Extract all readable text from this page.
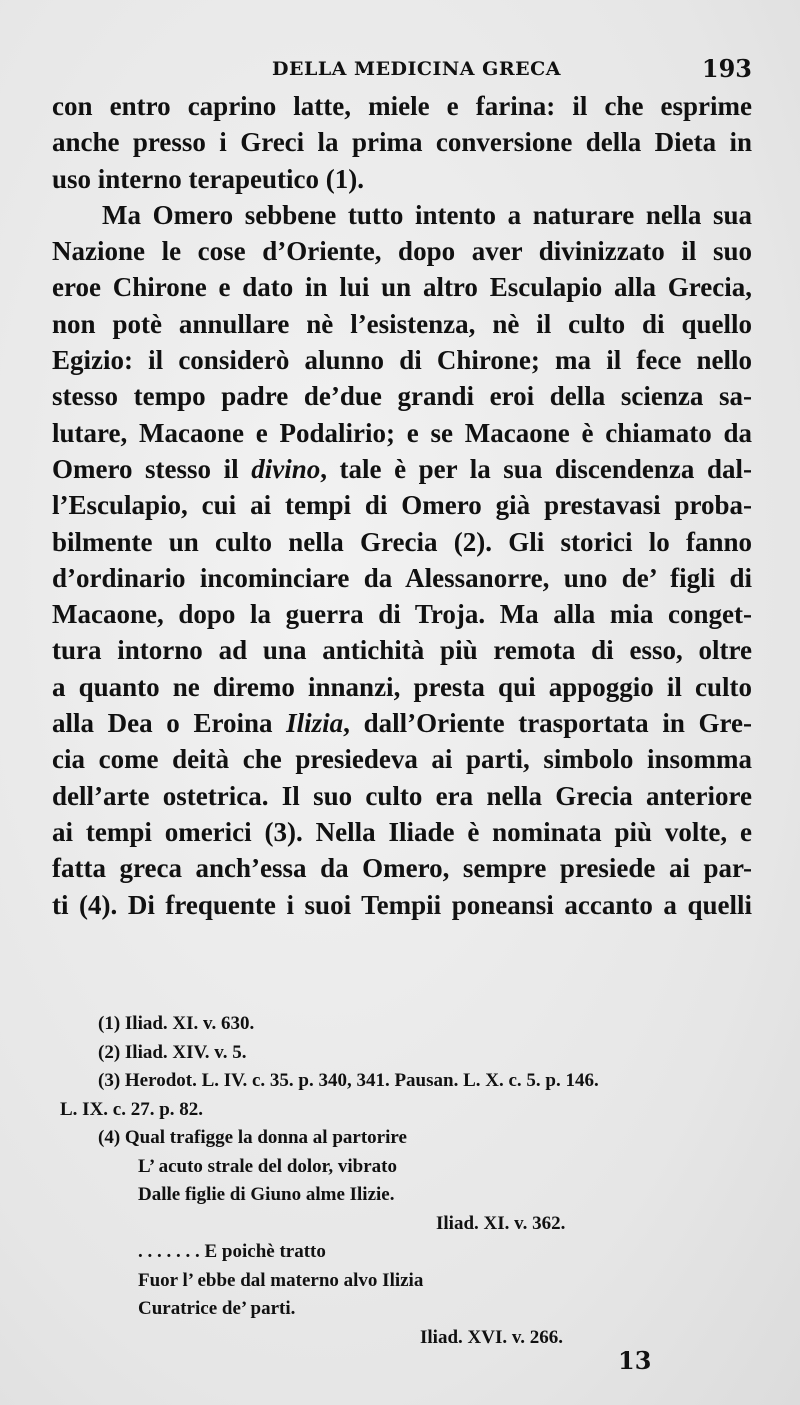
DELLA MEDICINA GRECA	193
con entro caprino latte, miele e farina: il che esprime
anche presso i Greci la prima conversione della Dieta in
uso interno terapeutico (1).
Ma Omero sebbene tutto intento a naturare nella sua
Nazione le cose d’Oriente, dopo aver divinizzato il suo
eroe Chirone e dato in lui un altro Esculapio alla Grecia,
non potè annullare nè l’esistenza, nè il culto di quello
Egizio: il considerò alunno di Chirone; ma il fece nello
stesso tempo padre de’due grandi eroi della scienza sa-
lutare, Macaone e Podalirio; e se Macaone è chiamato da
Omero stesso il divino, tale è per la sua discendenza dal-
l’Esculapio, cui ai tempi di Omero già prestavasi proba-
bilmente un culto nella Grecia (2). Gli storici lo fanno
d’ordinario incominciare da Alessanorre, uno de’ figli di
Macaone, dopo la guerra di Troja. Ma alla mia conget-
tura intorno ad una antichità più remota di esso, oltre
a quanto ne diremo innanzi, presta qui appoggio il culto
alla Dea o Eroina Ilizia, dall’Oriente trasportata in Gre-
cia come deità che presiedeva ai parti, simbolo insomma
dell’arte ostetrica. Il suo culto era nella Grecia anteriore
ai tempi omerici (3). Nella Iliade è nominata più volte, e
fatta greca anch’essa da Omero, sempre presiede ai par-
ti (4). Di frequente i suoi Tempii poneansi accanto a quelli
(1) Iliad. XI. v. 630.
(2) Iliad. XIV. v. 5.
(3) Herodot. L. IV. c. 35. p. 340, 341. Pausan. L. X. c. 5. p. 146.
L. IX. c. 27. p. 82.
(4) Qual trafigge la donna al partorire
L’ acuto strale del dolor, vibrato
Dalle figlie di Giuno alme Ilizie.
Iliad. XI. v. 362.
. . . . . . . E poichè tratto
Fuor l’ ebbe dal materno alvo Ilizia
Curatrice de’ parti.
Iliad. XVI. v. 266.
13
